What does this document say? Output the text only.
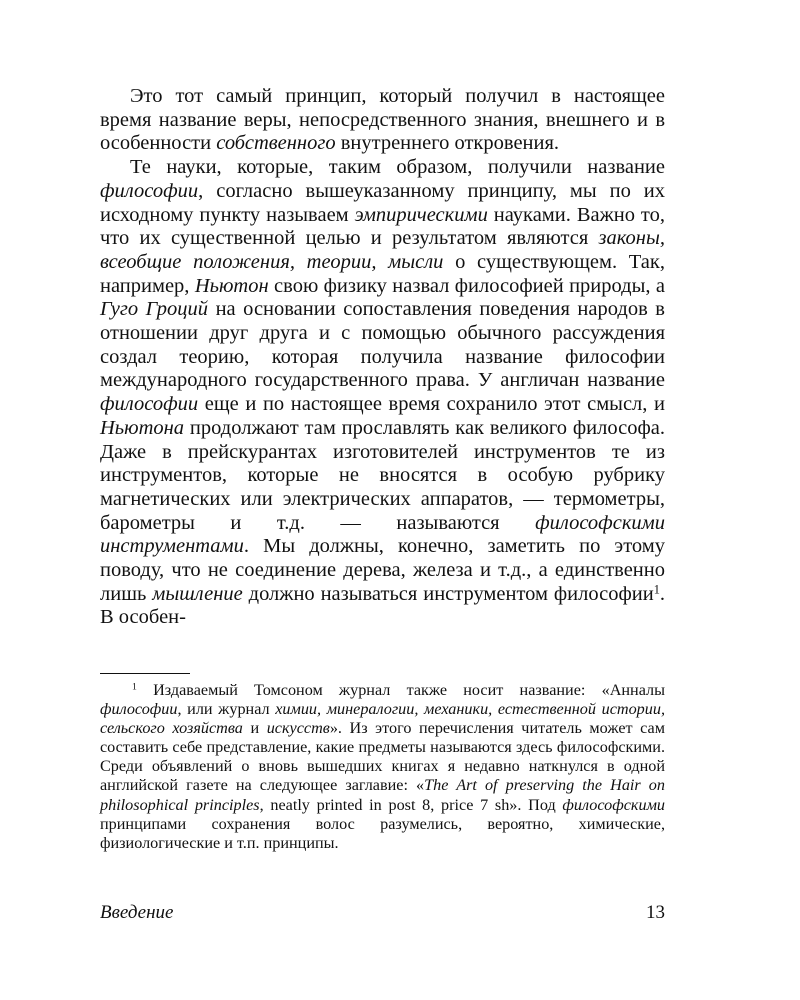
Это тот самый принцип, который получил в настоящее время название веры, непосредственного знания, внешнего и в особенности собственного внутреннего откровения.

Те науки, которые, таким образом, получили название философии, согласно вышеуказанному принципу, мы по их исходному пункту называем эмпирическими науками. Важно то, что их существенной целью и результатом являются законы, всеобщие положения, теории, мысли о существующем. Так, например, Ньютон свою физику назвал философией природы, а Гуго Гроций на основании сопоставления поведения народов в отношении друг друга и с помощью обычного рассуждения создал теорию, которая получила название философии международного государственного права. У англичан название философии еще и по настоящее время сохранило этот смысл, и Ньютона продолжают там прославлять как великого философа. Даже в прейскурантах изготовителей инструментов те из инструментов, которые не вносятся в особую рубрику магнетических или электрических аппаратов, — термометры, барометры и т.д. — называются философскими инструментами. Мы должны, конечно, заметить по этому поводу, что не соединение дерева, железа и т.д., а единственно лишь мышление должно называться инструментом философии$^1$. В особен-

$^1$ Издаваемый Томсоном журнал также носит название: «Анналы философии, или журнал химии, минералогии, механики, естественной истории, сельского хозяйства и искусств». Из этого перечисления читатель может сам составить себе представление, какие предметы называются здесь философскими. Среди объявлений о вновь вышедших книгах я недавно наткнулся в одной английской газете на следующее заглавие: «The Art of preserving the Hair on philosophical principles, neatly printed in post 8, price 7 sh». Под философскими принципами сохранения волос разумелись, вероятно, химические, физиологические и т.п. принципы.

Введение	13
